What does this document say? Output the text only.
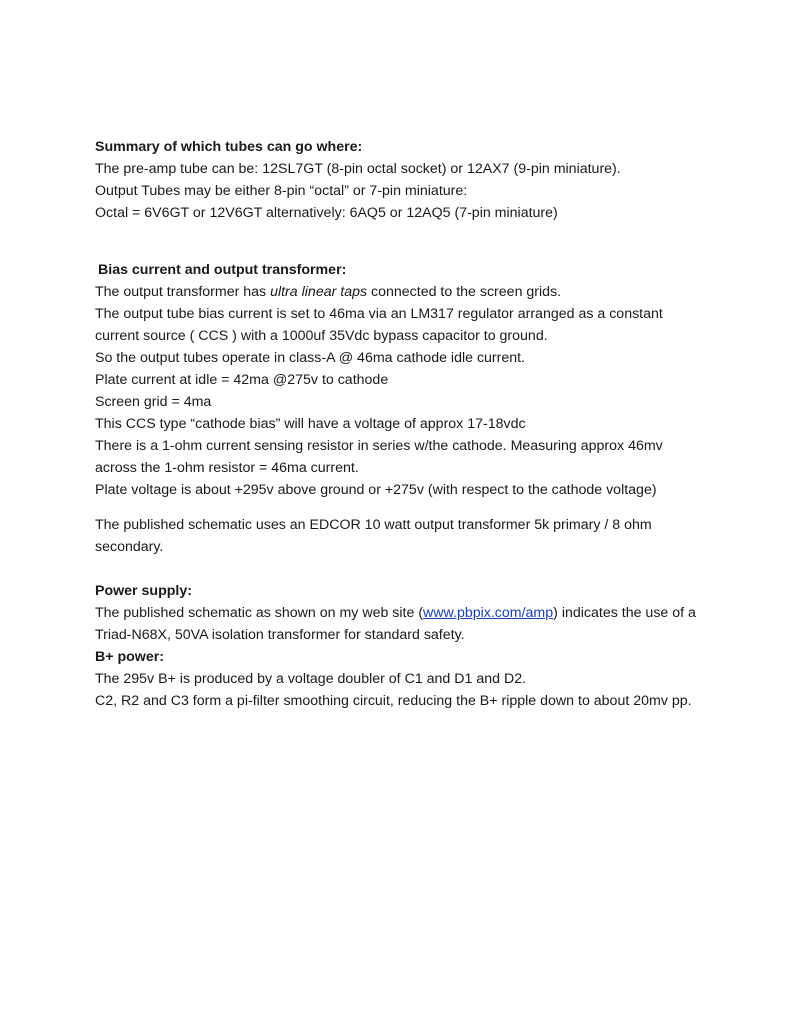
Summary of which tubes can go where:

The pre-amp tube can be: 12SL7GT (8-pin octal socket) or 12AX7 (9-pin miniature).

Output Tubes may be either 8-pin “octal” or 7-pin miniature:

Octal = 6V6GT or 12V6GT alternatively: 6AQ5 or 12AQ5 (7-pin miniature)

Bias current and output transformer:

The output transformer has ultra linear taps connected to the screen grids.

The output tube bias current is set to 46ma via an LM317 regulator arranged as a constant

current source ( CCS ) with a 1000uf 35Vdc bypass capacitor to ground.

So the output tubes operate in class-A @ 46ma cathode idle current.

Plate current at idle = 42ma @275v to cathode

Screen grid = 4ma

This CCS type “cathode bias” will have a voltage of approx 17-18vdc

There is a 1-ohm current sensing resistor in series w/the cathode. Measuring approx 46mv

across the 1-ohm resistor = 46ma current.

Plate voltage is about +295v above ground or +275v (with respect to the cathode voltage)

The published schematic uses an EDCOR 10 watt output transformer 5k primary / 8 ohm

secondary.

Power supply:

The published schematic as shown on my web site (www.pbpix.com/amp) indicates the use of a

Triad-N68X, 50VA isolation transformer for standard safety.

B+ power:

The 295v B+ is produced by a voltage doubler of C1 and D1 and D2.

C2, R2 and C3 form a pi-filter smoothing circuit, reducing the B+ ripple down to about 20mv pp.
